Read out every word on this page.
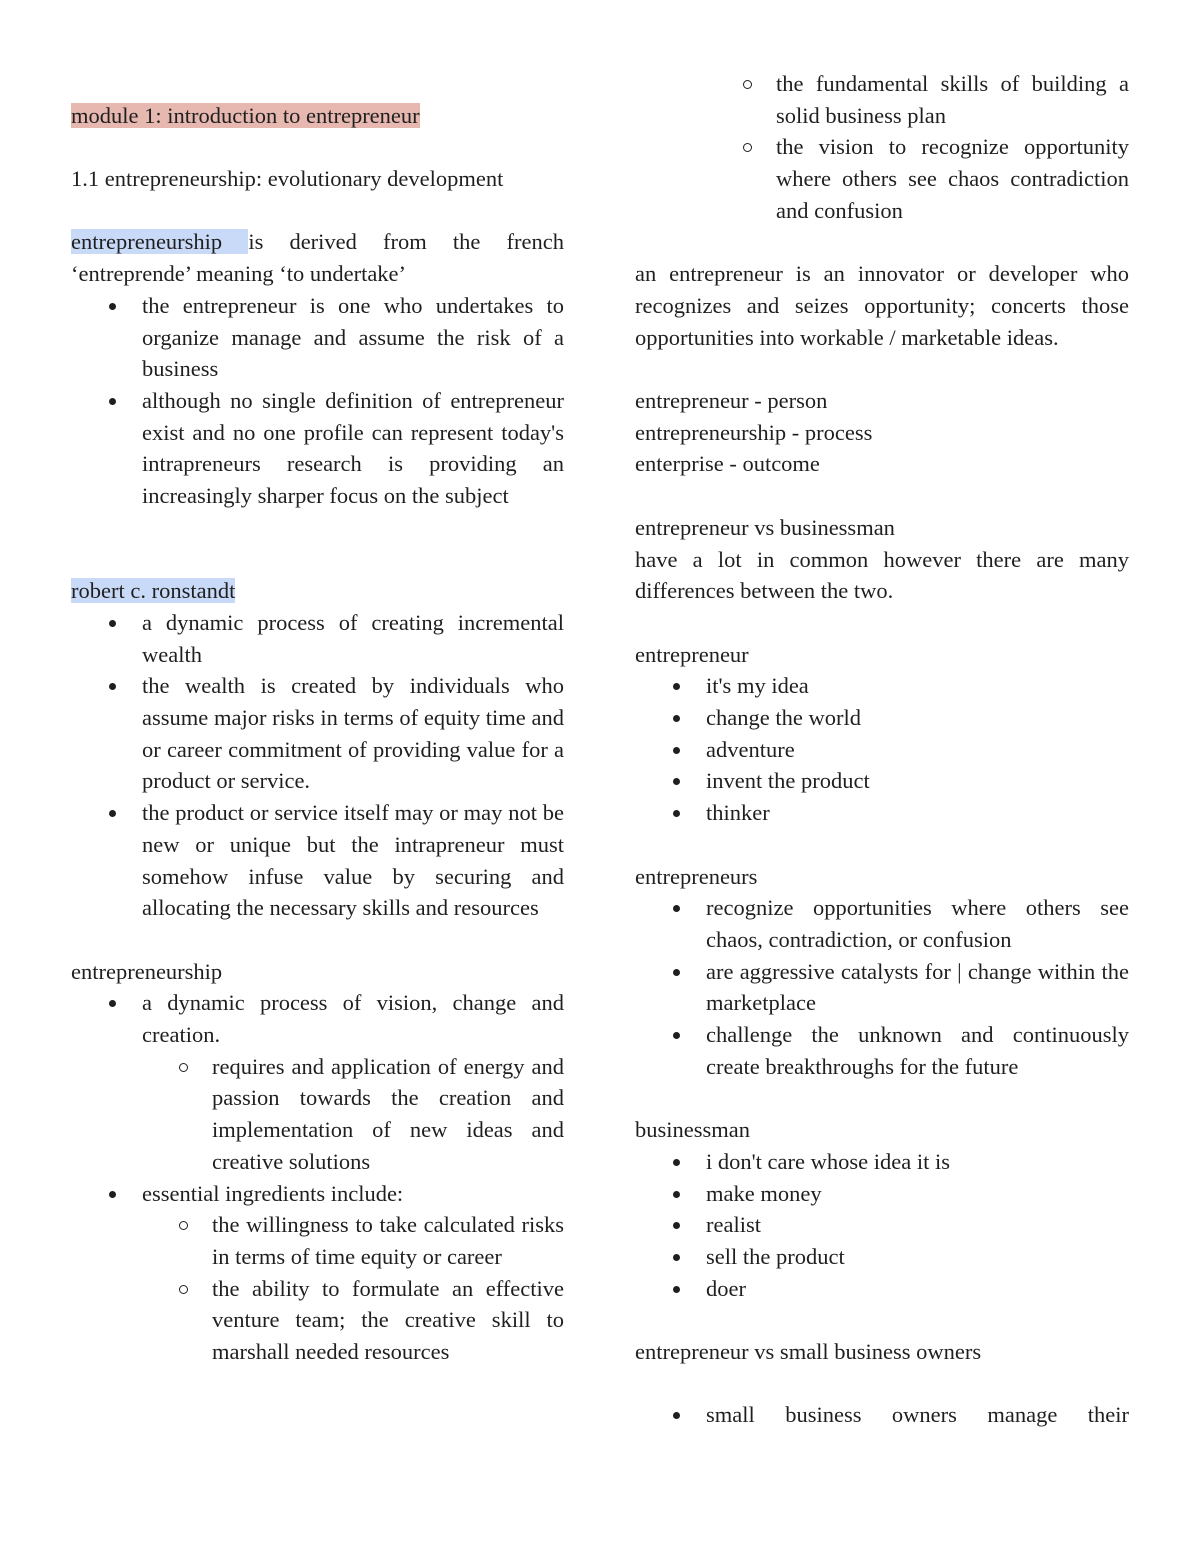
module 1: introduction to entrepreneur

1.1 entrepreneurship: evolutionary development

entrepreneurship is derived from the french ‘entreprende’ meaning ‘to undertake’

the entrepreneur is one who undertakes to organize manage and assume the risk of a business
although no single definition of entrepreneur exist and no one profile can represent today's intrapreneurs research is providing an increasingly sharper focus on the subject

robert c. ronstandt

a dynamic process of creating incremental wealth
the wealth is created by individuals who assume major risks in terms of equity time and or career commitment of providing value for a product or service.
the product or service itself may or may not be new or unique but the intrapreneur must somehow infuse value by securing and allocating the necessary skills and resources

entrepreneurship

a dynamic process of vision, change and creation.
requires and application of energy and passion towards the creation and implementation of new ideas and creative solutions
essential ingredients include:
the willingness to take calculated risks in terms of time equity or career
the ability to formulate an effective venture team; the creative skill to marshall needed resources
the fundamental skills of building a solid business plan
the vision to recognize opportunity where others see chaos contradiction and confusion

an entrepreneur is an innovator or developer who recognizes and seizes opportunity; concerts those opportunities into workable / marketable ideas.

entrepreneur - person

entrepreneurship - process

enterprise - outcome

entrepreneur vs businessman

have a lot in common however there are many differences between the two.

entrepreneur

it's my idea
change the world
adventure
invent the product
thinker

entrepreneurs

recognize opportunities where others see chaos, contradiction, or confusion
are aggressive catalysts for | change within the marketplace
challenge the unknown and continuously create breakthroughs for the future

businessman

i don't care whose idea it is
make money
realist
sell the product
doer

entrepreneur vs small business owners

small business owners manage their
